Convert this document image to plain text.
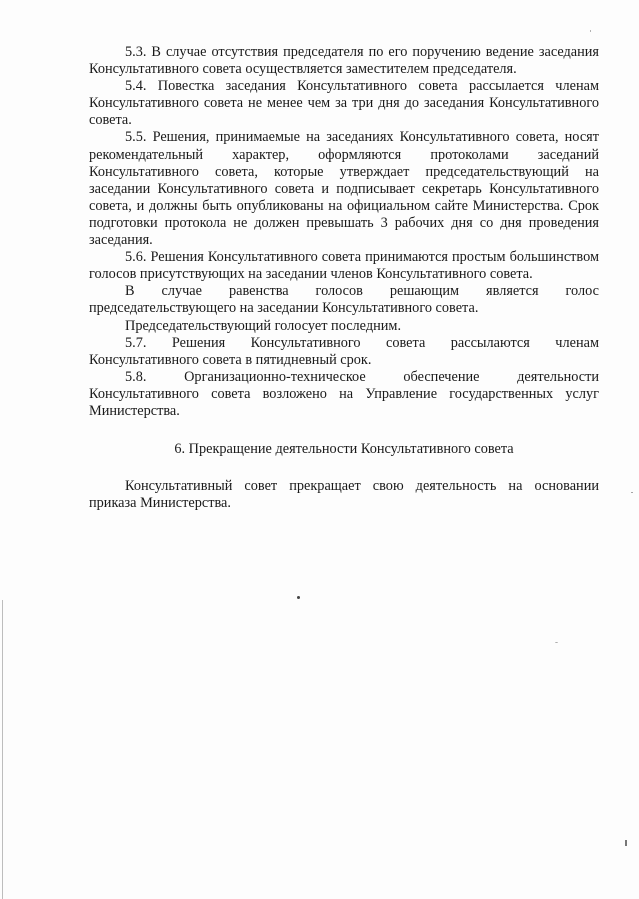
5.3. В случае отсутствия председателя по его поручению ведение заседания Консультативного совета осуществляется заместителем председателя.

5.4. Повестка заседания Консультативного совета рассылается членам Консультативного совета не менее чем за три дня до заседания Консультативного совета.

5.5. Решения, принимаемые на заседаниях Консультативного совета, носят рекомендательный характер, оформляются протоколами заседаний Консультативного совета, которые утверждает председательствующий на заседании Консультативного совета и подписывает секретарь Консультативного совета, и должны быть опубликованы на официальном сайте Министерства. Срок подготовки протокола не должен превышать 3 рабочих дня со дня проведения заседания.

5.6. Решения Консультативного совета принимаются простым большинством голосов присутствующих на заседании членов Консультативного совета.

В случае равенства голосов решающим является голос председательствующего на заседании Консультативного совета.

Председательствующий голосует последним.

5.7. Решения Консультативного совета рассылаются членам Консультативного совета в пятидневный срок.

5.8. Организационно-техническое обеспечение деятельности Консультативного совета возложено на Управление государственных услуг Министерства.

6. Прекращение деятельности Консультативного совета

Консультативный совет прекращает свою деятельность на основании приказа Министерства.
